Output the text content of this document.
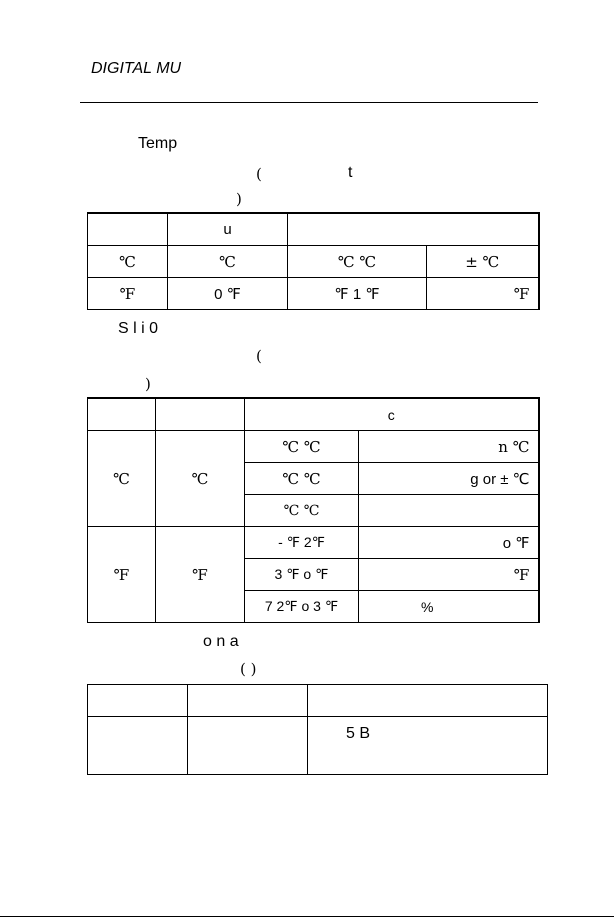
DIGITAL MU
Temp
(	t
)
	u		
℃	℃	℃ ℃	± ℃
℉	0 ℉	℉ 1 ℉	℉
S l i 0
(
)
		c	
℃	℃	℃ ℃	n ℃
		℃ ℃	g or ± ℃
		℃ ℃	
℉	℉	- ℉ 2℉	o ℉
		3 ℉ o ℉	℉
		7 2℉ o 3 ℉	%
o n a
( )

		5 B
